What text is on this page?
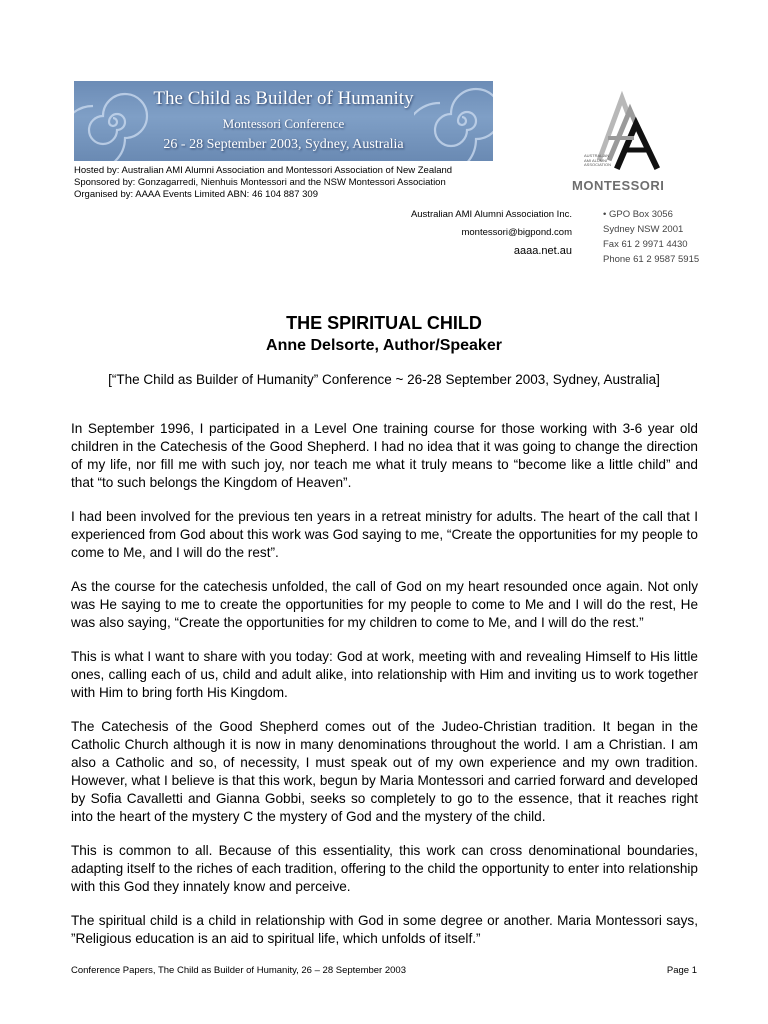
The Child as Builder of Humanity
Montessori Conference
26 - 28 September 2003, Sydney, Australia
Hosted by: Australian AMI Alumni Association and Montessori Association of New Zealand
Sponsored by: Gonzagarredi, Nienhuis Montessori and the NSW Montessori Association
Organised by: AAAA Events Limited ABN: 46 104 887 309
AUSTRALIAN AMI ALUMNI ASSOCIATION
MONTESSORI
Australian AMI Alumni Association Inc.
montessori@bigpond.com
aaaa.net.au
• GPO Box 3056
Sydney NSW 2001
Fax 61 2 9971 4430
Phone 61 2 9587 5915
THE SPIRITUAL CHILD
Anne Delsorte, Author/Speaker
[“The Child as Builder of Humanity” Conference ~ 26-28 September 2003, Sydney, Australia]

In September 1996, I participated in a Level One training course for those working with 3-6 year old children in the Catechesis of the Good Shepherd. I had no idea that it was going to change the direction of my life, nor fill me with such joy, nor teach me what it truly means to “become like a little child” and that “to such belongs the Kingdom of Heaven”.

I had been involved for the previous ten years in a retreat ministry for adults. The heart of the call that I experienced from God about this work was God saying to me, “Create the opportunities for my people to come to Me, and I will do the rest”.

As the course for the catechesis unfolded, the call of God on my heart resounded once again. Not only was He saying to me to create the opportunities for my people to come to Me and I will do the rest, He was also saying, “Create the opportunities for my children to come to Me, and I will do the rest.”

This is what I want to share with you today: God at work, meeting with and revealing Himself to His little ones, calling each of us, child and adult alike, into relationship with Him and inviting us to work together with Him to bring forth His Kingdom.

The Catechesis of the Good Shepherd comes out of the Judeo-Christian tradition. It began in the Catholic Church although it is now in many denominations throughout the world. I am a Christian. I am also a Catholic and so, of necessity, I must speak out of my own experience and my own tradition. However, what I believe is that this work, begun by Maria Montessori and carried forward and developed by Sofia Cavalletti and Gianna Gobbi, seeks so completely to go to the essence, that it reaches right into the heart of the mystery C the mystery of God and the mystery of the child.

This is common to all. Because of this essentiality, this work can cross denominational boundaries, adapting itself to the riches of each tradition, offering to the child the opportunity to enter into relationship with this God they innately know and perceive.

The spiritual child is a child in relationship with God in some degree or another. Maria Montessori says, ”Religious education is an aid to spiritual life, which unfolds of itself.”

Conference Papers, The Child as Builder of Humanity, 26 – 28 September 2003	Page 1
